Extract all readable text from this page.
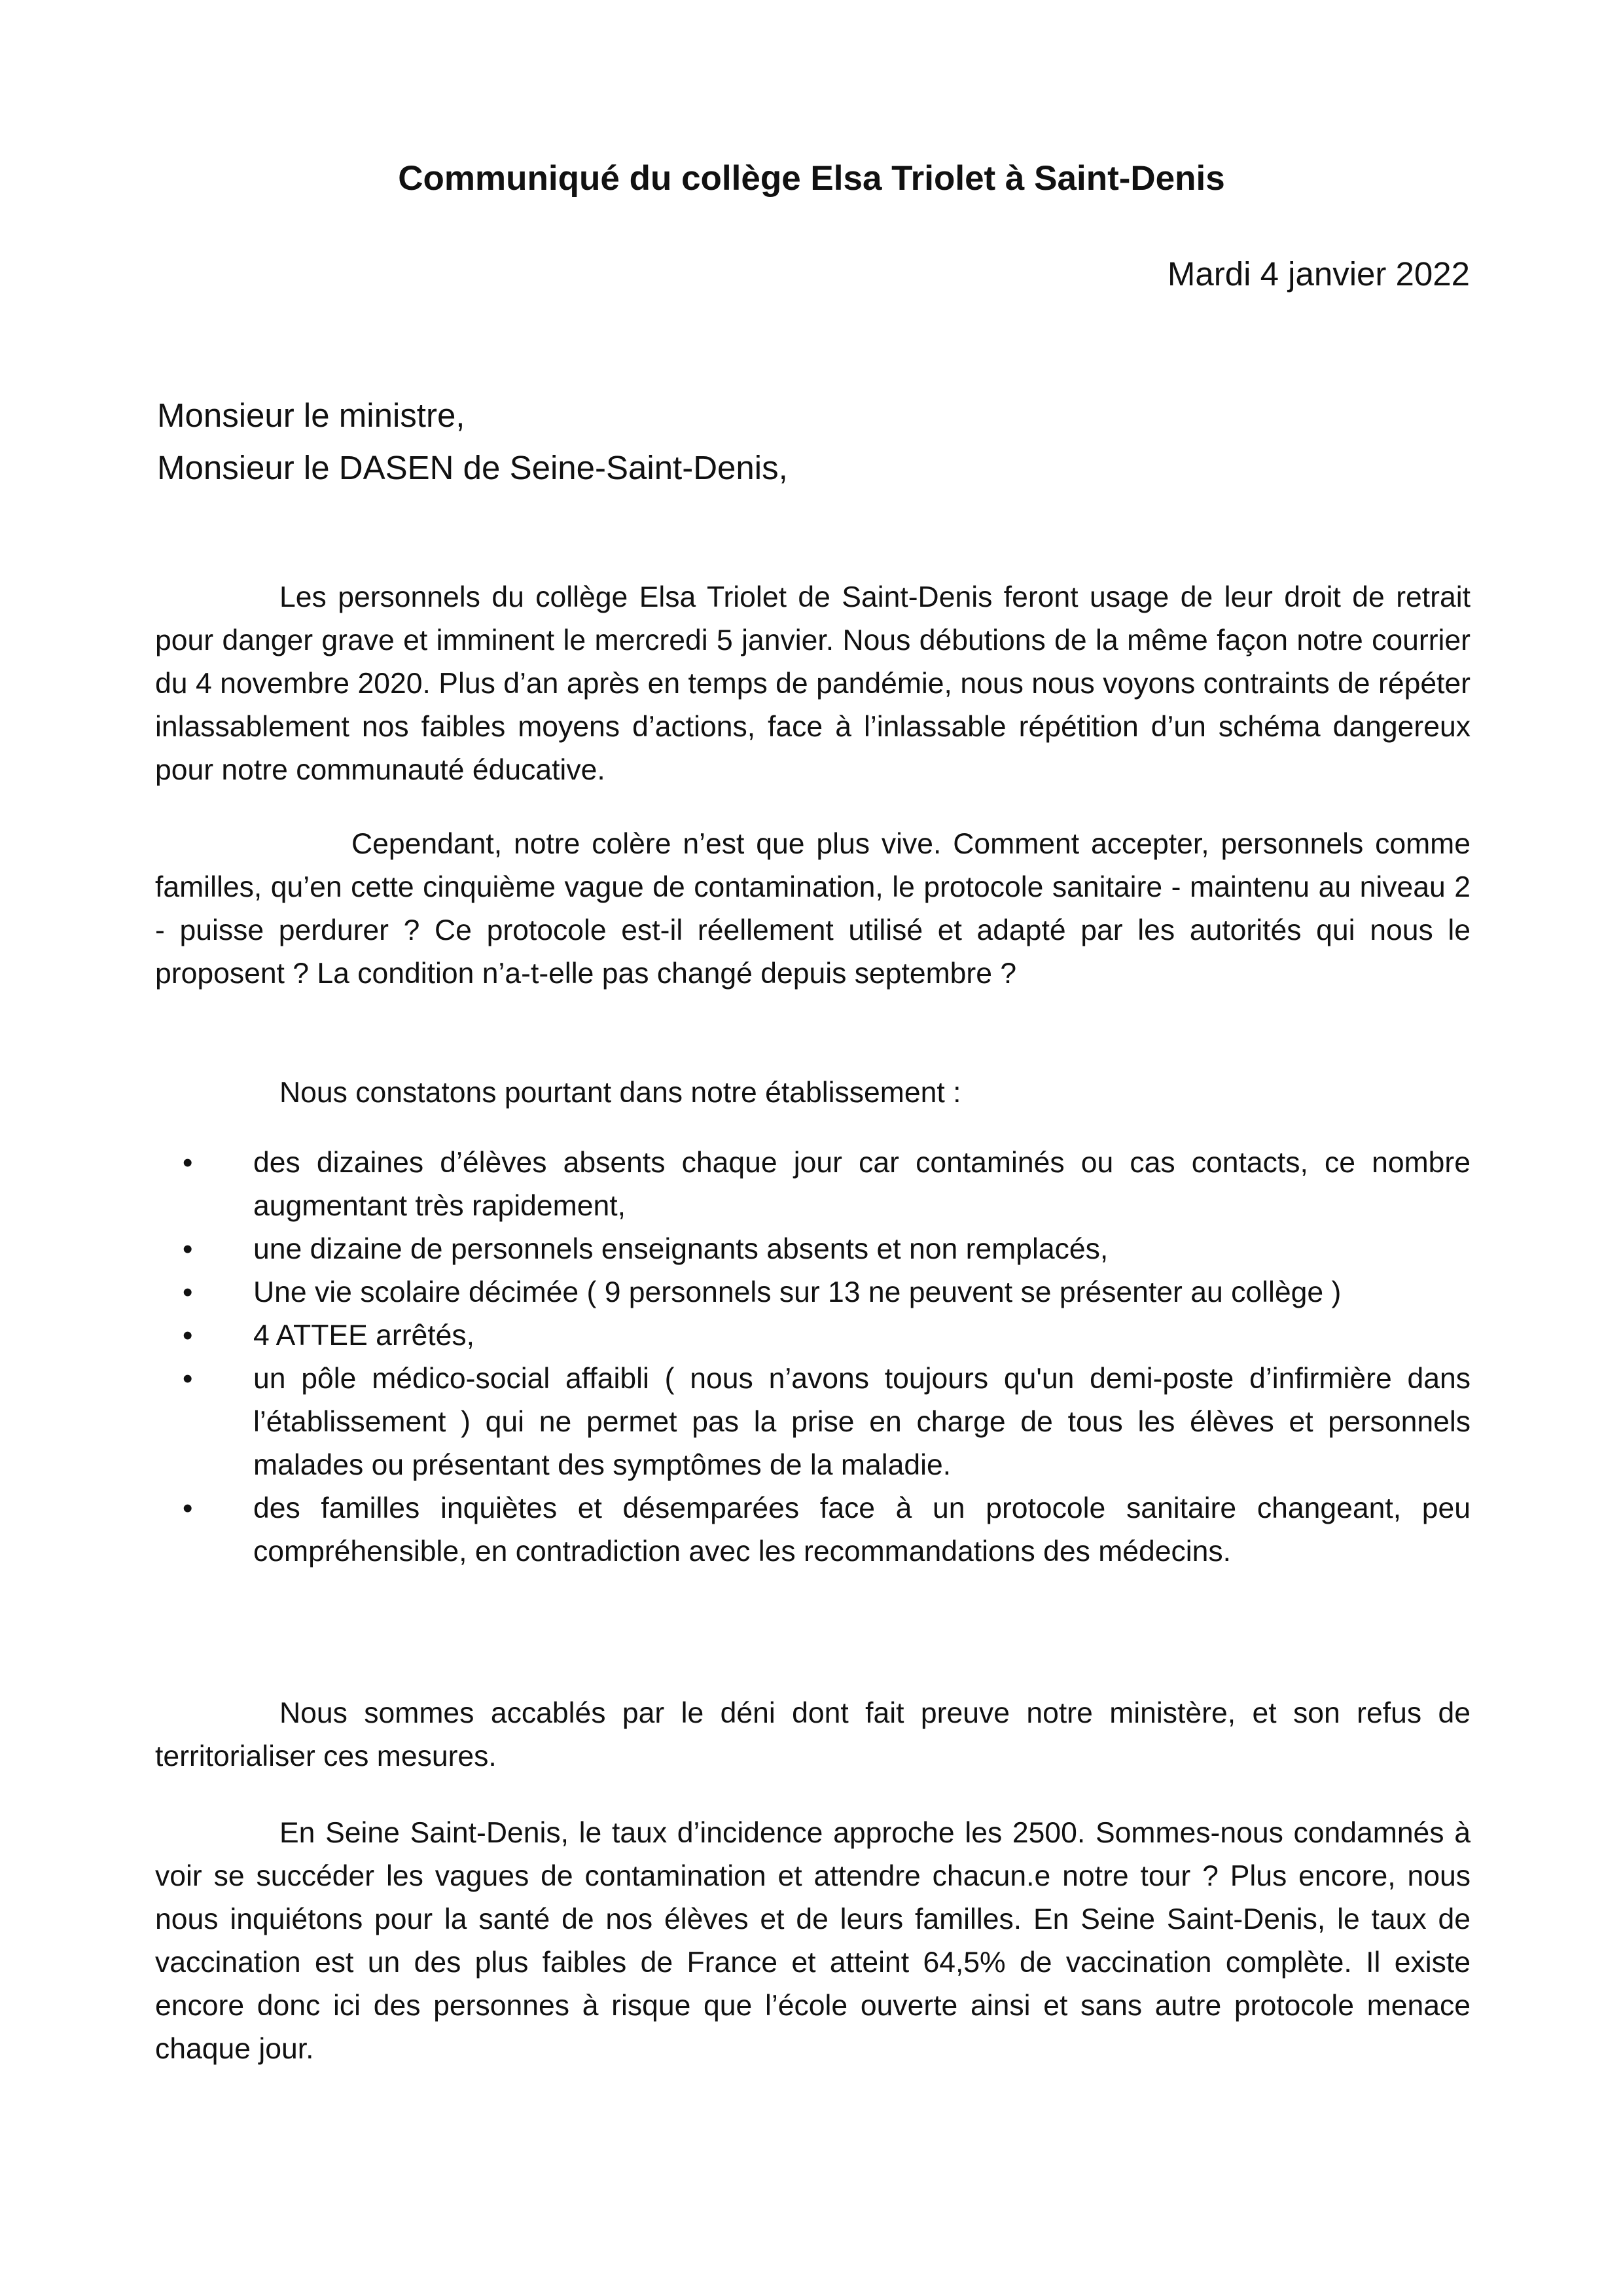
Communiqué du collège Elsa Triolet à Saint-Denis

Mardi 4 janvier 2022

Monsieur le ministre,
Monsieur le DASEN de Seine-Saint-Denis,

Les personnels du collège Elsa Triolet de Saint-Denis feront usage de leur droit de retrait pour danger grave et imminent le mercredi 5 janvier. Nous débutions de la même façon notre courrier du 4 novembre 2020. Plus d’an après en temps de pandémie, nous nous voyons contraints de répéter inlassablement nos faibles moyens d’actions, face à l’inlassable répétition d’un schéma dangereux pour notre communauté éducative.

Cependant, notre colère n’est que plus vive. Comment accepter, personnels comme familles, qu’en cette cinquième vague de contamination, le protocole sanitaire - maintenu au niveau 2 - puisse perdurer ? Ce protocole est-il réellement utilisé et adapté par les autorités qui nous le proposent ? La condition n’a-t-elle pas changé depuis septembre ?

Nous constatons pourtant dans notre établissement :

• des dizaines d’élèves absents chaque jour car contaminés ou cas contacts, ce nombre augmentant très rapidement,
• une dizaine de personnels enseignants absents et non remplacés,
• Une vie scolaire décimée ( 9 personnels sur 13 ne peuvent se présenter au collège )
• 4 ATTEE arrêtés,
• un pôle médico-social affaibli ( nous n’avons toujours qu'un demi-poste d’infirmière dans l’établissement ) qui ne permet pas la prise en charge de tous les élèves et personnels malades ou présentant des symptômes de la maladie.
• des familles inquiètes et désemparées face à un protocole sanitaire changeant, peu compréhensible, en contradiction avec les recommandations des médecins.

Nous sommes accablés par le déni dont fait preuve notre ministère, et son refus de territorialiser ces mesures.

En Seine Saint-Denis, le taux d’incidence approche les 2500. Sommes-nous condamnés à voir se succéder les vagues de contamination et attendre chacun.e notre tour ? Plus encore, nous nous inquiétons pour la santé de nos élèves et de leurs familles. En Seine Saint-Denis, le taux de vaccination est un des plus faibles de France et atteint 64,5% de vaccination complète. Il existe encore donc ici des personnes à risque que l’école ouverte ainsi et sans autre protocole menace chaque jour.
